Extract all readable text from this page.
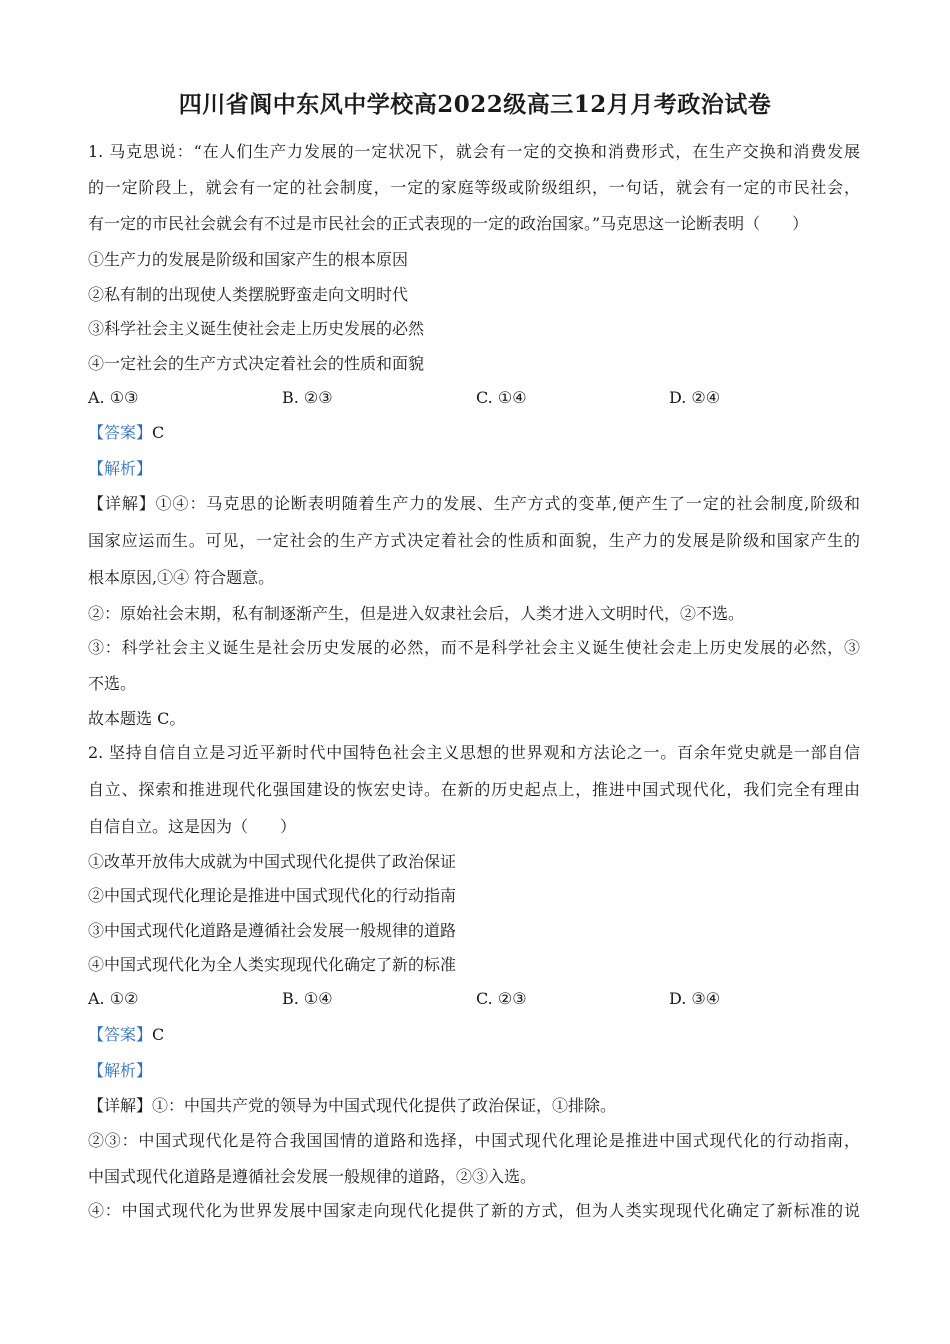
四川省阆中东风中学校高2022级高三12月月考政治试卷
1. 马克思说：“在人们生产力发展的一定状况下，就会有一定的交换和消费形式，在生产交换和消费发展
的一定阶段上，就会有一定的社会制度，一定的家庭等级或阶级组织，一句话，就会有一定的市民社会，
有一定的市民社会就会有不过是市民社会的正式表现的一定的政治国家。”马克思这一论断表明（　　）
①生产力的发展是阶级和国家产生的根本原因
②私有制的出现使人类摆脱野蛮走向文明时代
③科学社会主义诞生使社会走上历史发展的必然
④一定社会的生产方式决定着社会的性质和面貌
A. ①③	B. ②③	C. ①④	D. ②④
【答案】C
【解析】
【详解】①④：马克思的论断表明随着生产力的发展、生产方式的变革,便产生了一定的社会制度,阶级和
国家应运而生。可见，一定社会的生产方式决定着社会的性质和面貌，生产力的发展是阶级和国家产生的
根本原因,①④ 符合题意。
②：原始社会末期，私有制逐渐产生，但是进入奴隶社会后，人类才进入文明时代，②不选。
③：科学社会主义诞生是社会历史发展的必然，而不是科学社会主义诞生使社会走上历史发展的必然，③
不选。
故本题选 C。
2. 坚持自信自立是习近平新时代中国特色社会主义思想的世界观和方法论之一。百余年党史就是一部自信
自立、探索和推进现代化强国建设的恢宏史诗。在新的历史起点上，推进中国式现代化，我们完全有理由
自信自立。这是因为（　　）
①改革开放伟大成就为中国式现代化提供了政治保证
②中国式现代化理论是推进中国式现代化的行动指南
③中国式现代化道路是遵循社会发展一般规律的道路
④中国式现代化为全人类实现现代化确定了新的标准
A. ①②	B. ①④	C. ②③	D. ③④
【答案】C
【解析】
【详解】①：中国共产党的领导为中国式现代化提供了政治保证，①排除。
②③：中国式现代化是符合我国国情的道路和选择，中国式现代化理论是推进中国式现代化的行动指南，
中国式现代化道路是遵循社会发展一般规律的道路，②③入选。
④：中国式现代化为世界发展中国家走向现代化提供了新的方式，但为人类实现现代化确定了新标准的说
